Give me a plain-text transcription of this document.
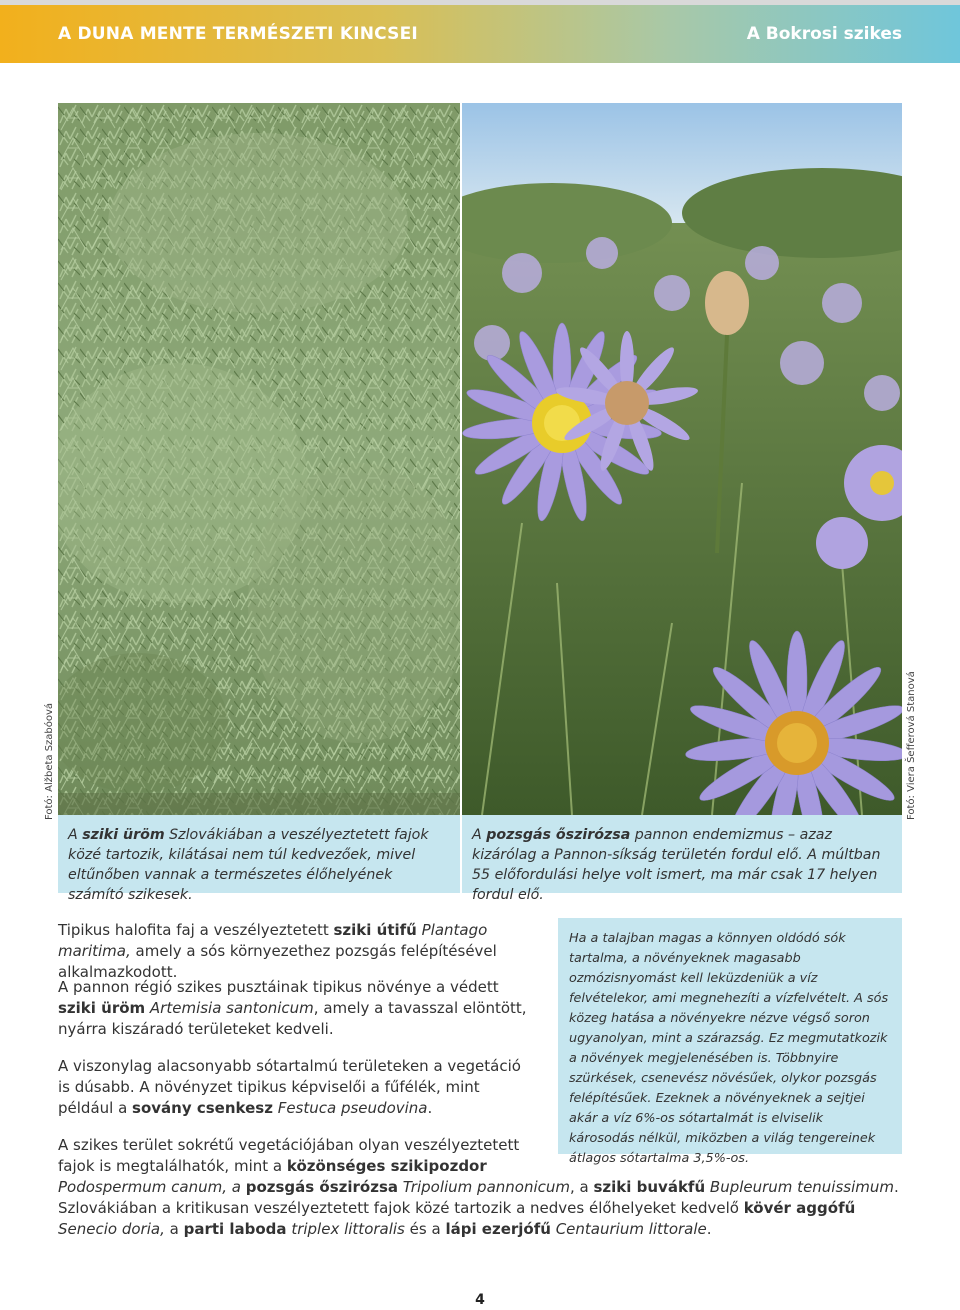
A DUNA MENTE TERMÉSZETI KINCSEI	A Bokrosi szikes
Fotó: Alžbeta Szabóová	Fotó: Viera Šefferová Stanová
A sziki üröm Szlovákiában a veszélyeztetett fajok közé tartozik, kilátásai nem túl kedvezőek, mivel eltűnőben vannak a természetes élőhelyének számító szikesek.
A pozsgás őszirózsa pannon endemizmus – azaz kizárólag a Pannon-síkság területén fordul elő. A múltban 55 előfordulási helye volt ismert, ma már csak 17 helyen fordul elő.
Ha a talajban magas a könnyen oldódó sók tartalma, a növényeknek magasabb ozmózisnyomást kell leküzdeniük a víz felvételekor, ami megnehezíti a vízfelvételt. A sós közeg hatása a növényekre nézve végső soron ugyanolyan, mint a szárazság. Ez megmutatkozik a növények megjelenésében is. Többnyire szürkések, csenevész növésűek, olykor pozsgás felépítésűek. Ezeknek a növényeknek a sejtjei akár a víz 6%-os sótartalmát is elviselik károsodás nélkül, miközben a világ tengereinek átlagos sótartalma 3,5%-os.

Tipikus halofita faj a veszélyeztetett sziki útifű Plantago maritima, amely a sós környezethez pozsgás felépítésével alkalmazkodott.

A pannon régió szikes pusztáinak tipikus növénye a védett sziki üröm Artemisia santonicum, amely a tavasszal elöntött, nyárra kiszáradó területeket kedveli.

A viszonylag alacsonyabb sótartalmú területeken a vegetáció is dúsabb. A növényzet tipikus képviselői a fűfélék, mint például a sovány csenkesz Festuca pseudovina.

A szikes terület sokrétű vegetációjában olyan veszélyeztetett fajok is megtalálhatók, mint a közönséges szikipozdor

Podospermum canum, a pozsgás őszirózsa Tripolium pannonicum, a sziki buvákfű Bupleurum tenuissimum. Szlovákiában a kritikusan veszélyeztetett fajok közé tartozik a nedves élőhelyeket kedvelő kövér aggófű Senecio doria, a parti laboda triplex littoralis és a lápi ezerjófű Centaurium littorale.

4
